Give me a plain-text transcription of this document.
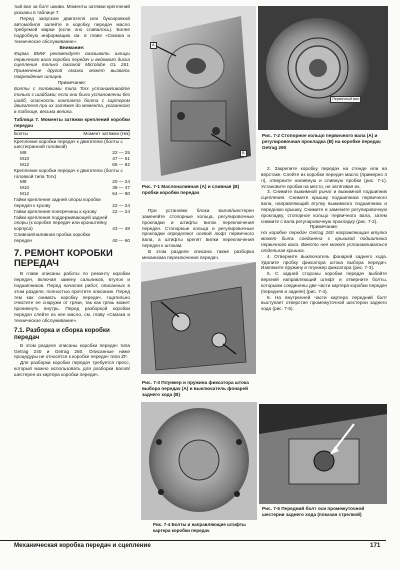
тый вал за болт шкива. Моменты затяжки креплений указаны в таблице 7.

Перед запуском двигателя или буксировкой автомобиля залейте в коробку передач масло требуемой марки (если оно сливалось). Более подробную информацию см. в главе «Смазка и техническое обслуживание».

Внимание:

Фирма BMW рекомендует смазывать шлицы первичного вала коробки передач и ведомого диска сцепления только смазкой Microlube GL 261. Применение другой смазки может вызвать повреждение шлицев.

Примечание:

Болты с головками типа Torx устанавливайте только с шайбами; если они были установлены без шайб, опасность контакта болта с картером двигателя при их затяжке до момента, указанного в таблице, весьма велика.

Таблица 7. Моменты затяжки креплений коробки передач

Болты	Момент затяжки (Нм)
Крепление коробки передач к двигателю (болты с шестигранной головкой)
M8	22 — 25
M10	47 — 51
M12	66 — 82
Крепление коробки передач к двигателю (болты с головкой типа Torx)
M8	20 — 24
M10	38 — 47
M12	64 — 80
Гайки крепления задней опоры коробки передач к кузову	22 — 24
Гайки крепления поперечины к кузову	22 — 24
Гайки крепления поддерживающей задней опоры (к коробке передач или кронштейну корпуса)	43 — 48
Сливная/наливная пробка коробки передач	40 — 60
7. РЕМОНТ КОРОБКИ ПЕРЕДАЧ

В главе описаны работы по ремонту коробки передач, включая замену сальников, втулок и подшипников. Перед началом работ, описанных в этом разделе, полностью прочтите описание. Перед тем как снимать коробку передач, тщательно очистите ее снаружи от грязи, так как грязь может проникнуть внутрь. Перед разборкой коробки передач слейте из нее масло, см. главу «Смазка и техническое обслуживание».

7.1. Разборка и сборка коробки передач

В этом разделе описаны коробки передач типа Getrag 240 и Getrag 260. Описанные ниже процедуры не относятся к коробке передач типа ZF.

Для разборки коробки передач требуется пресс, который можно использовать для разборки валов/шестерен из картера коробки передач.

А
В
Рис. 7-1 Маслоналивная (А) и сливная (В) пробки коробки передач
Первичный вал
Рис. 7-2 Стопорное кольцо первичного вала (А) и регулировочная прокладка (В) на коробке передач Getrag 260

При установке блока валов/шестерен заменяйте стопорные кольца, регулировочные прокладки и штифты вилок переключения передач. Стопорные кольца и регулировочные прокладки определяют осевой люфт первичного вала, а штифты крепят вилки переключения передач к штокам.

В этом разделе описана также разборка механизма переключения передач.

Рис. 7-3 Плунжер и пружина фиксатора штока выбора передач (А) и выключатель фонарей заднего хода (В)
Рис. 7-4 Болты и направляющие штифты картера коробки передач

2. Закрепите коробку передач на стенде или на верстаке. Слейте из коробки передач масло (примерно 4 л), отверните наливную и сливную пробки (рис. 7-1). Установите пробки на место, не затягивая их.

3. Снимите выжимной рычаг и выжимной подшипник сцепления. Снимите крышку подшипника первичного вала, направляющий втулку выжимного подшипника и переднюю крышку. Снимите и замените регулировочную прокладку, стопорное кольцо первичного вала, затем снимите с вала регулировочную прокладку (рис. 7-2).

Примечание:

На коробке передач Getrag 260 направляющая втулка может быть соединена с крышкой подшипника первичного вала. Вместо нее может устанавливаться отдельная крышка.

4. Отверните выключатель фонарей заднего хода. Удалите пробку фиксатора штока выбора передач. Извлеките пружину и плунжер фиксатора (рис. 7-3).

5. С задней стороны коробки передач выбейте верхний направляющий штифт и отверните болты, которыми соединены две части картера коробки передач (передняя и задняя) (рис. 7-4).

6. На внутренней части картера передний болт выступает отверстие промежуточной шестерни заднего хода (рис. 7-5).

Рис. 7-5 Передний болт оси промежуточной шестерни заднего хода (показан стрелкой)
Механическая коробка передач и сцепление	171
